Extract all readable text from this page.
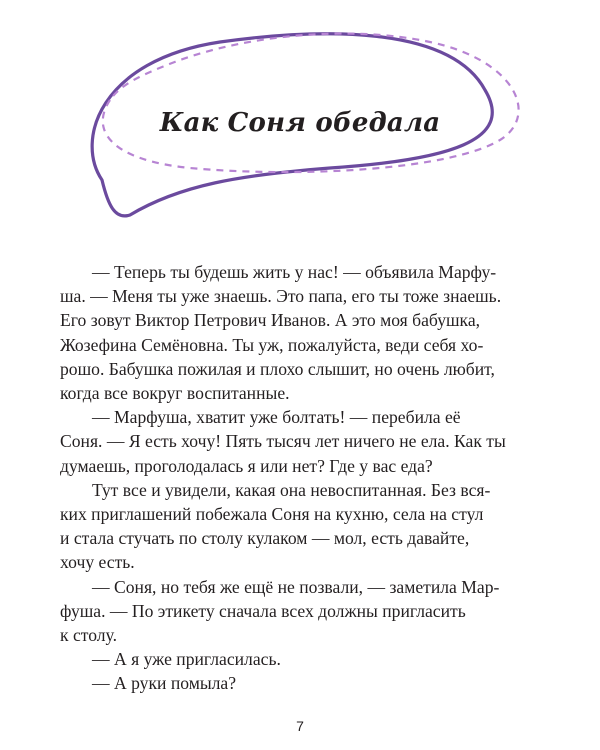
Как Соня обедала
— Теперь ты будешь жить у нас! — объявила Марфу-
ша. — Меня ты уже знаешь. Это папа, его ты тоже знаешь.
Его зовут Виктор Петрович Иванов. А это моя бабушка,
Жозефина Семёновна. Ты уж, пожалуйста, веди себя хо-
рошо. Бабушка пожилая и плохо слышит, но очень любит,
когда все вокруг воспитанные.
— Марфуша, хватит уже болтать! — перебила её
Соня. — Я есть хочу! Пять тысяч лет ничего не ела. Как ты
думаешь, проголодалась я или нет? Где у вас еда?
Тут все и увидели, какая она невоспитанная. Без вся-
ких приглашений побежала Соня на кухню, села на стул
и стала стучать по столу кулаком — мол, есть давайте,
хочу есть.
— Соня, но тебя же ещё не позвали, — заметила Мар-
фуша. — По этикету сначала всех должны пригласить
к столу.
— А я уже пригласилась.
— А руки помыла?
7
